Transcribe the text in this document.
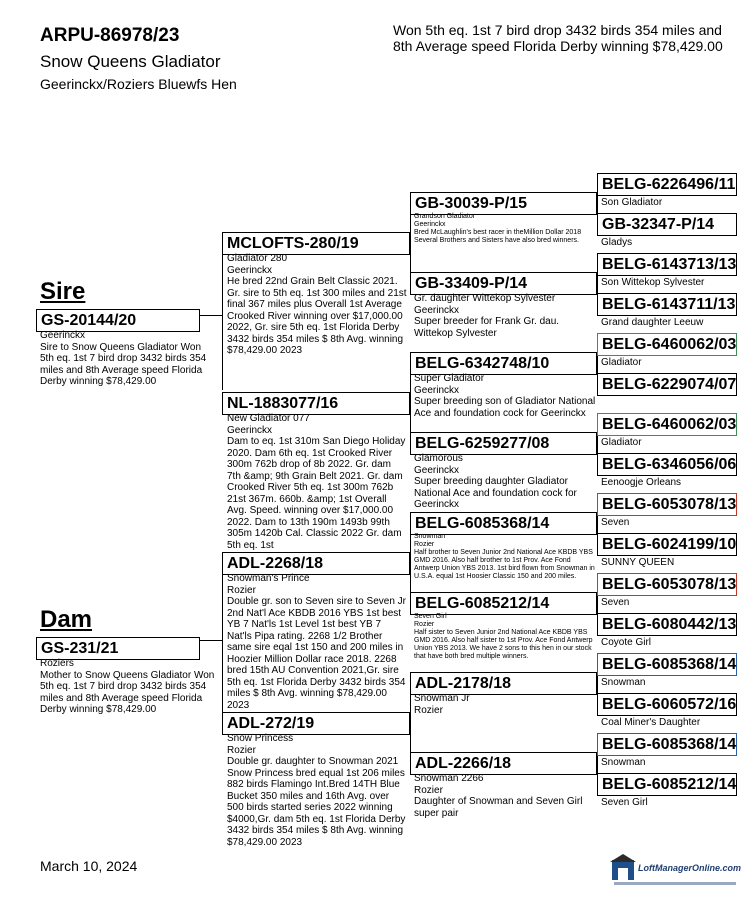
ARPU-86978/23
Snow Queens Gladiator
Geerinckx/Roziers Bluewfs Hen
Won 5th eq. 1st 7 bird drop 3432 birds 354 miles and 8th Average speed Florida Derby winning $78,429.00
Sire
GS-20144/20
Geerinckx
Sire to Snow Queens Gladiator Won 5th eq. 1st 7 bird drop 3432 birds 354 miles and 8th Average speed Florida Derby winning $78,429.00
Dam
GS-231/21
Roziers
Mother to Snow Queens Gladiator Won 5th eq. 1st 7 bird drop 3432 birds 354 miles and 8th Average speed Florida Derby winning $78,429.00
MCLOFTS-280/19
Gladiator 280
Geerinckx
He bred 22nd Grain Belt Classic 2021. Gr. sire to 5th eq. 1st 300 miles and 21st final 367 miles plus Overall 1st Average Crooked River winning over $17,000.00 2022, Gr. sire 5th eq. 1st Florida Derby 3432 birds 354 miles $ 8th Avg. winning $78,429.00 2023
NL-1883077/16
New Gladiator 077
Geerinckx
Dam to eq. 1st 310m San Diego Holiday 2020. Dam 6th eq. 1st Crooked River 300m 762b drop of 8b 2022. Gr. dam 7th &amp; 9th Grain Belt 2021. Gr. dam Crooked River 5th eq. 1st 300m 762b 21st 367m. 660b. &amp; 1st Overall Avg. Speed. winning over $17,000.00 2022. Dam to 13th 190m 1493b 99th 305m 1420b Cal. Classic 2022 Gr. dam 5th eq. 1st
ADL-2268/18
Snowman's Prince
Rozier
Double gr. son to Seven sire to Seven Jr 2nd Nat'l Ace KBDB 2016 YBS 1st best YB 7 Nat'ls 1st Level 1st best YB 7 Nat'ls Pipa rating. 2268 1/2 Brother same sire eqal 1st 150 and 200 miles in Hoozier Million Dollar race 2018. 2268 bred 15th AU Convention 2021,Gr. sire 5th eq. 1st Florida Derby 3432 birds 354 miles $ 8th Avg. winning $78,429.00 2023
ADL-272/19
Snow Princess
Rozier
Double gr. daughter to Snowman 2021 Snow Princess bred equal 1st 206 miles 882 birds Flamingo Int.Bred 14TH Blue Bucket 350 miles and 16th Avg. over 500 birds started series 2022 winning $4000,Gr. dam 5th eq. 1st Florida Derby 3432 birds 354 miles $ 8th Avg. winning $78,429.00 2023
GB-30039-P/15
Grandson Gladiator
Geerinckx
Bred McLaughlin's best racer in theMillion Dollar 2018 Several Brothers and Sisters have also bred winners.
GB-33409-P/14
Gr. daughter Wittekop Sylvester
Geerinckx
Super breeder for Frank Gr. dau. Wittekop Sylvester
BELG-6342748/10
Super Gladiator
Geerinckx
Super breeding son of Gladiator National Ace and foundation cock for Geerinckx
BELG-6259277/08
Glamorous
Geerinckx
Super breeding daughter Gladiator National Ace and foundation cock for Geerinckx
BELG-6085368/14
Snowman
Rozier
Half brother to Seven Junior 2nd National Ace KBDB YBS GMD 2016. Also half brother to 1st Prov. Ace Fond Antwerp Union YBS 2013. 1st bird flown from Snowman in U.S.A. equal 1st Hoosier Classic 150 and 200 miles.
BELG-6085212/14
Seven Girl
Rozier
Half sister to Seven Junior 2nd National Ace KBDB YBS GMD 2016. Also half sister to 1st Prov. Ace Fond Antwerp Union YBS 2013. We have 2 sons to this hen in our stock that have both bred multiple winners.
ADL-2178/18
Snowman Jr
Rozier
ADL-2266/18
Snowman 2266
Rozier
Daughter of Snowman and Seven Girl super pair
BELG-6226496/11
Son Gladiator
GB-32347-P/14
Gladys
BELG-6143713/13
Son Wittekop Sylvester
BELG-6143711/13
Grand daughter Leeuw
BELG-6460062/03
Gladiator
BELG-6229074/07
BELG-6460062/03
Gladiator
BELG-6346056/06
Eenoogje Orleans
BELG-6053078/13
Seven
BELG-6024199/10
SUNNY QUEEN
BELG-6053078/13
Seven
BELG-6080442/13
Coyote Girl
BELG-6085368/14
Snowman
BELG-6060572/16
Coal Miner's Daughter
BELG-6085368/14
Snowman
BELG-6085212/14
Seven Girl
March 10, 2024	LoftManagerOnline.com
